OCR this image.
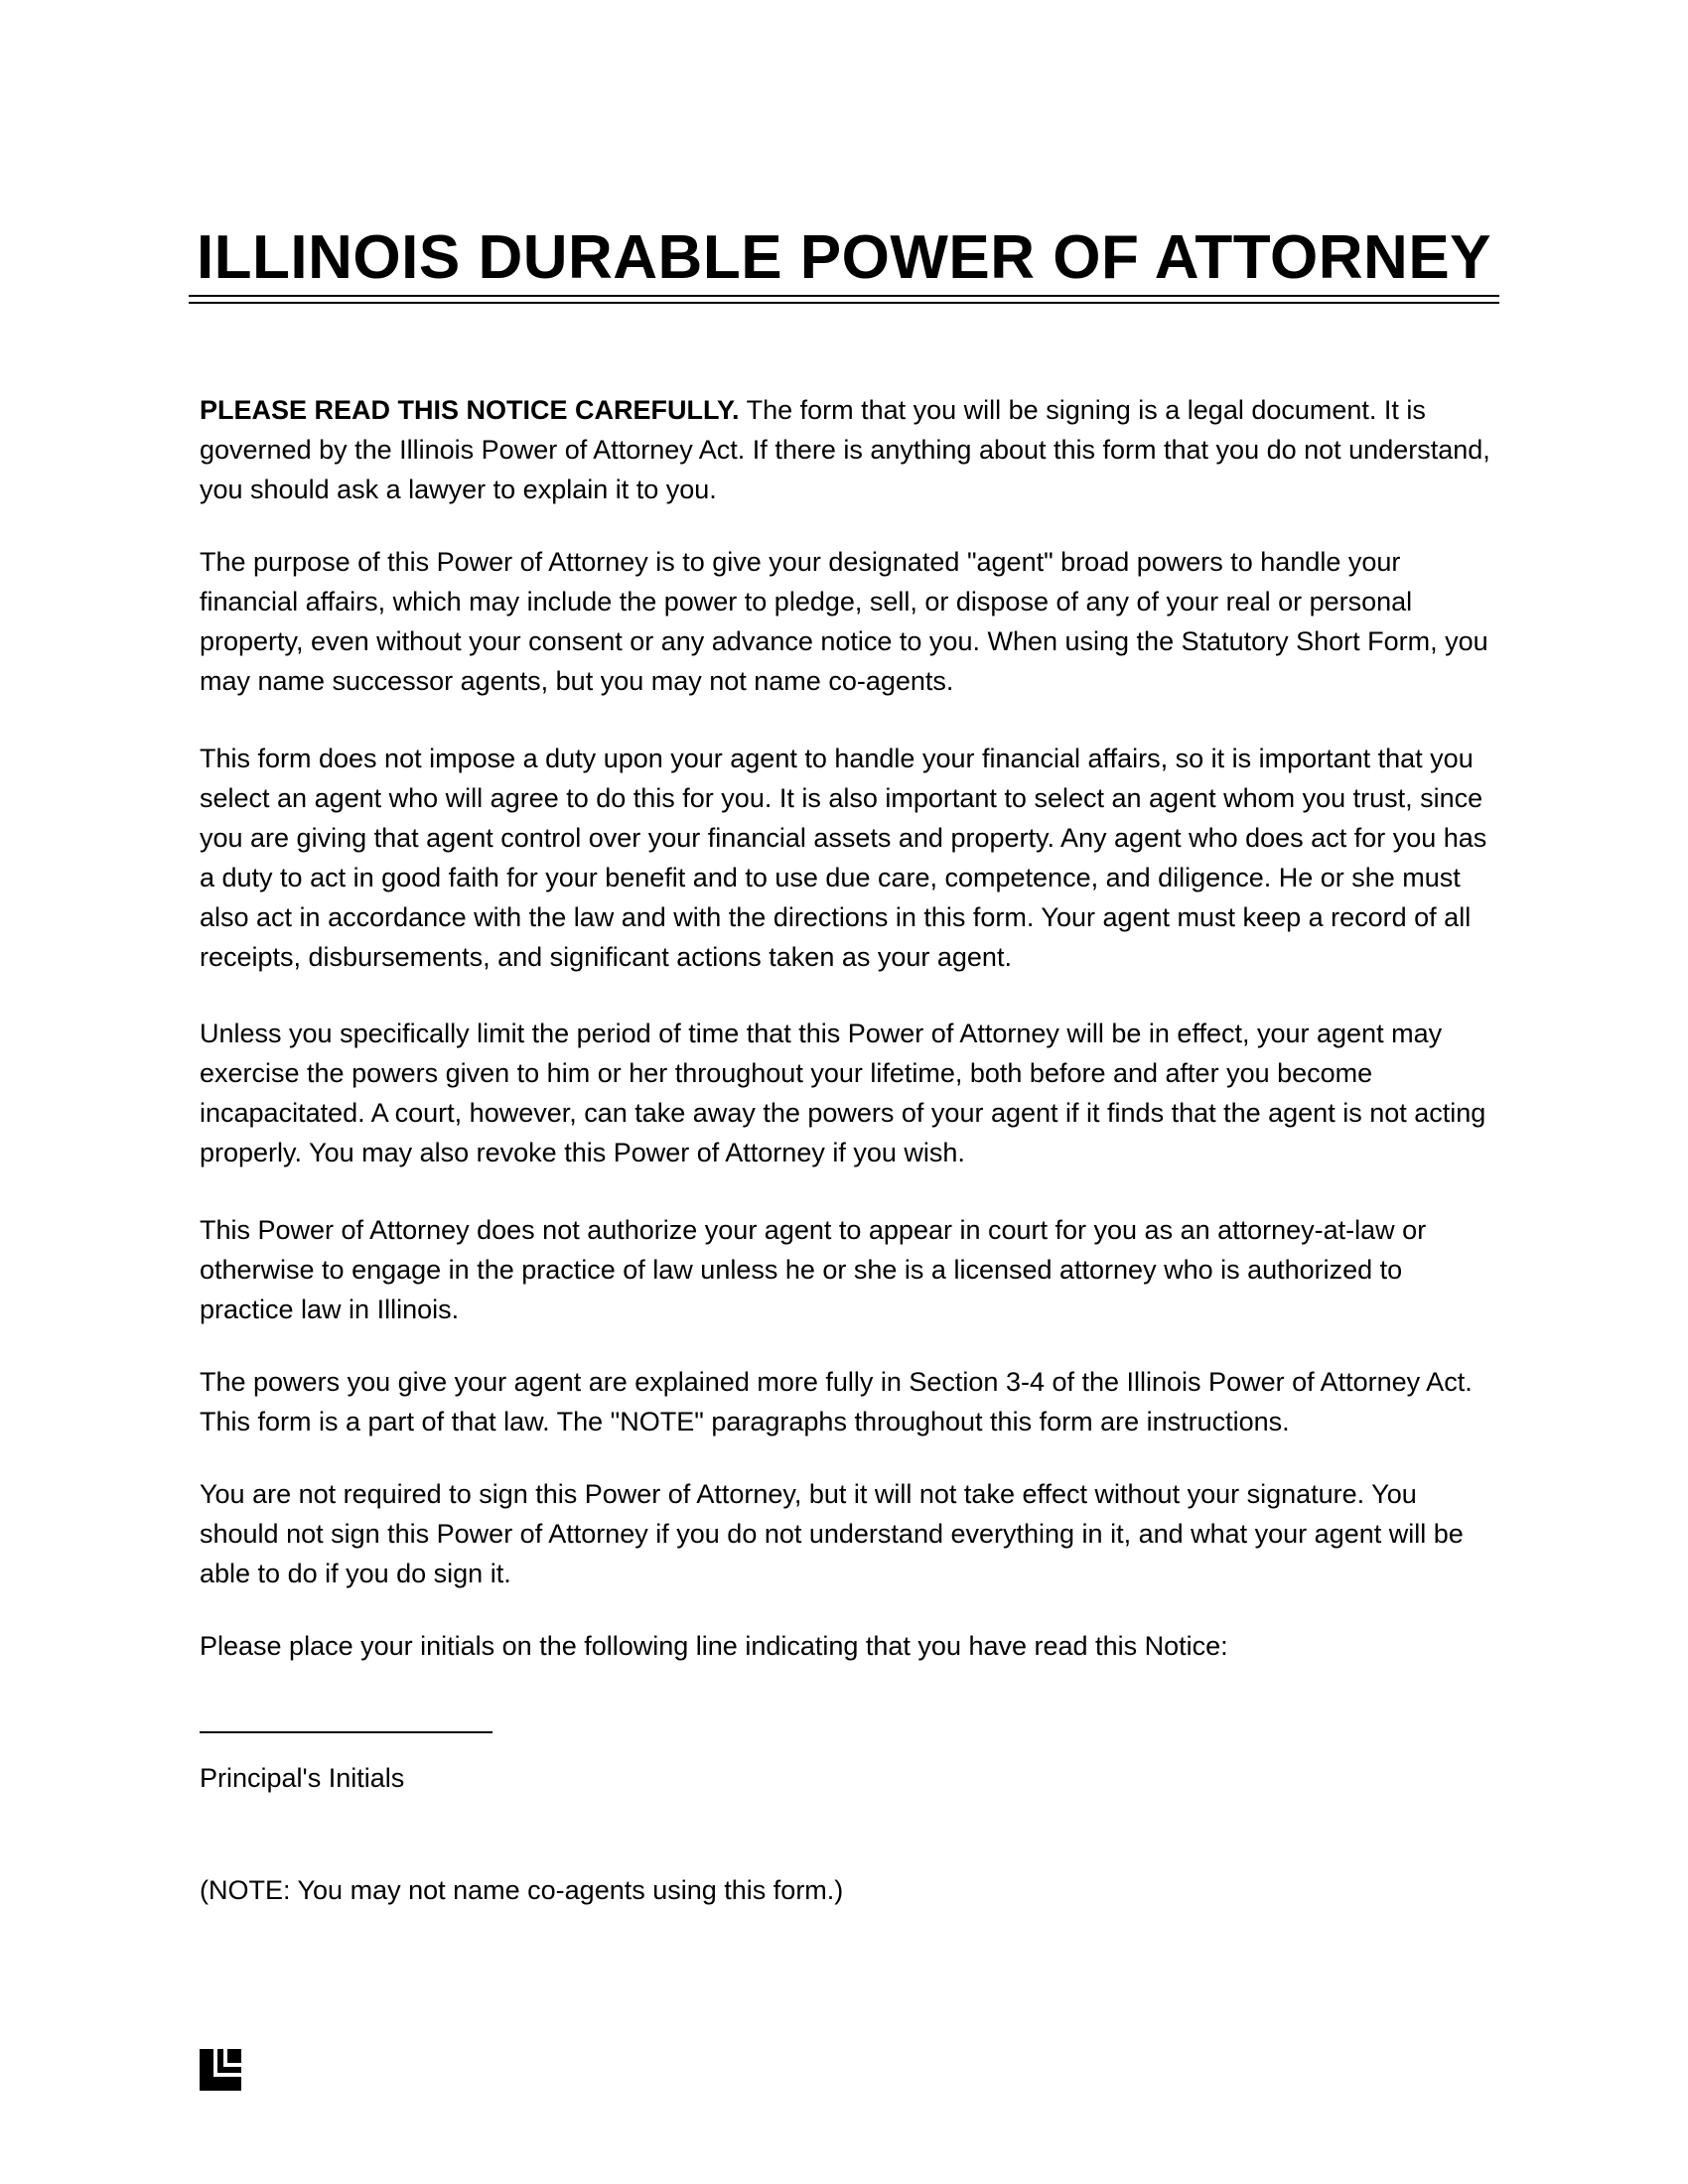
ILLINOIS DURABLE POWER OF ATTORNEY

PLEASE READ THIS NOTICE CAREFULLY. The form that you will be signing is a legal document. It is governed by the Illinois Power of Attorney Act. If there is anything about this form that you do not understand, you should ask a lawyer to explain it to you.

The purpose of this Power of Attorney is to give your designated "agent" broad powers to handle your financial affairs, which may include the power to pledge, sell, or dispose of any of your real or personal property, even without your consent or any advance notice to you. When using the Statutory Short Form, you may name successor agents, but you may not name co-agents.

This form does not impose a duty upon your agent to handle your financial affairs, so it is important that you select an agent who will agree to do this for you. It is also important to select an agent whom you trust, since you are giving that agent control over your financial assets and property. Any agent who does act for you has a duty to act in good faith for your benefit and to use due care, competence, and diligence. He or she must also act in accordance with the law and with the directions in this form. Your agent must keep a record of all receipts, disbursements, and significant actions taken as your agent.

Unless you specifically limit the period of time that this Power of Attorney will be in effect, your agent may exercise the powers given to him or her throughout your lifetime, both before and after you become incapacitated. A court, however, can take away the powers of your agent if it finds that the agent is not acting properly. You may also revoke this Power of Attorney if you wish.

This Power of Attorney does not authorize your agent to appear in court for you as an attorney-at-law or otherwise to engage in the practice of law unless he or she is a licensed attorney who is authorized to practice law in Illinois.

The powers you give your agent are explained more fully in Section 3-4 of the Illinois Power of Attorney Act. This form is a part of that law. The "NOTE" paragraphs throughout this form are instructions.

You are not required to sign this Power of Attorney, but it will not take effect without your signature. You should not sign this Power of Attorney if you do not understand everything in it, and what your agent will be able to do if you do sign it.

Please place your initials on the following line indicating that you have read this Notice:

Principal's Initials

(NOTE: You may not name co-agents using this form.)
